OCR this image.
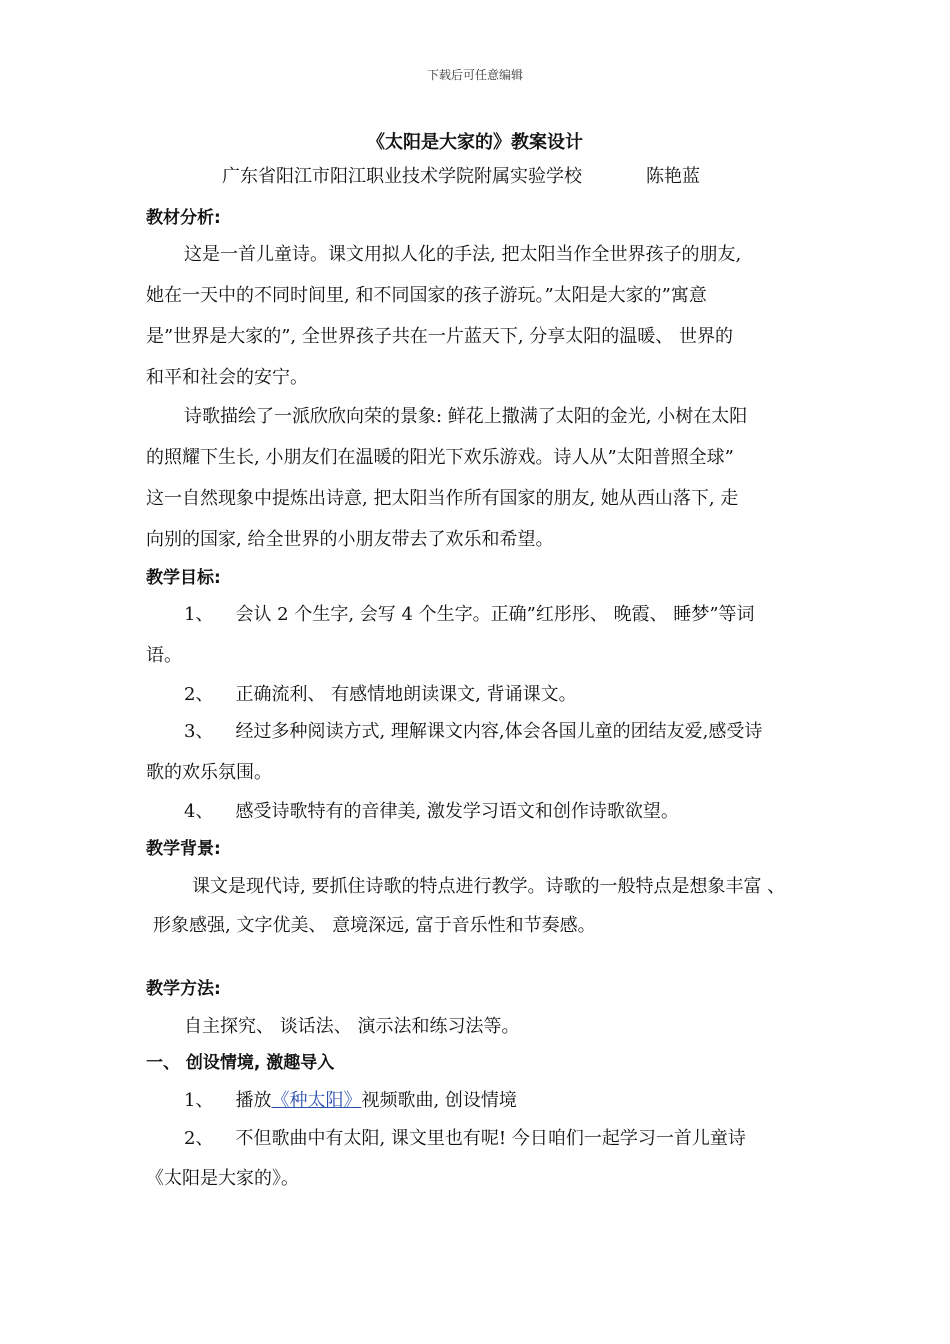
下载后可任意编辑
《太阳是大家的》教案设计
广东省阳江市阳江职业技术学院附属实验学校	陈艳蓝
教材分析:
这是一首儿童诗。课文用拟人化的手法, 把太阳当作全世界孩子的朋友,
她在一天中的不同时间里, 和不同国家的孩子游玩。”太阳是大家的”寓意
是”世界是大家的”, 全世界孩子共在一片蓝天下, 分享太阳的温暖、 世界的
和平和社会的安宁。
诗歌描绘了一派欣欣向荣的景象: 鲜花上撒满了太阳的金光, 小树在太阳
的照耀下生长, 小朋友们在温暖的阳光下欢乐游戏。诗人从”太阳普照全球”
这一自然现象中提炼出诗意, 把太阳当作所有国家的朋友, 她从西山落下, 走
向别的国家, 给全世界的小朋友带去了欢乐和希望。
教学目标:
1、 会认 2 个生字, 会写 4 个生字。正确”红彤彤、 晚霞、 睡梦”等词
语。
2、 正确流利、 有感情地朗读课文, 背诵课文。
3、 经过多种阅读方式, 理解课文内容,体会各国儿童的团结友爱,感受诗
歌的欢乐氛围。
4、 感受诗歌特有的音律美, 激发学习语文和创作诗歌欲望。
教学背景:
课文是现代诗, 要抓住诗歌的特点进行教学。诗歌的一般特点是想象丰富 、
形象感强, 文字优美、 意境深远, 富于音乐性和节奏感。
教学方法:
自主探究、 谈话法、 演示法和练习法等。
一、 创设情境, 激趣导入
1、 播放《种太阳》视频歌曲, 创设情境
2、 不但歌曲中有太阳, 课文里也有呢! 今日咱们一起学习一首儿童诗
《太阳是大家的》。
